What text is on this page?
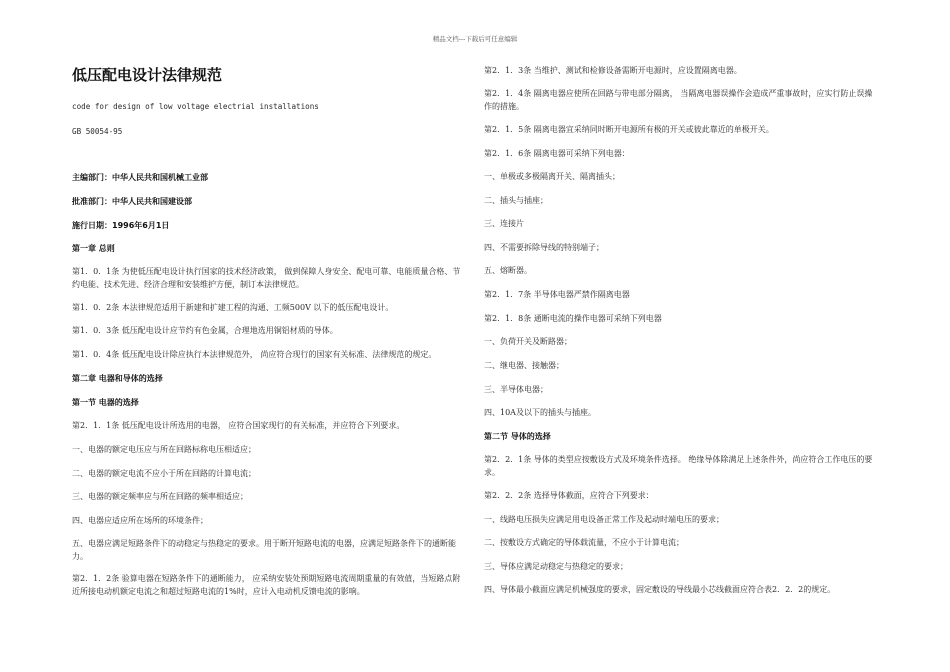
精品文档---下载后可任意编辑
低压配电设计法律规范

code for design of low voltage electrial installations

GB 50054-95

主编部门：中华人民共和国机械工业部

批准部门：中华人民共和国建设部

施行日期：1996年6月1日

第一章 总则

第1．0．1条 为使低压配电设计执行国家的技术经济政策， 做到保障人身安全、配电可靠、电能质量合格、节约电能、技术先进、经济合理和安装维护方便，制订本法律规范。

第1．0．2条 本法律规范适用于新建和扩建工程的沟通、工频500V 以下的低压配电设计。

第1．0．3条 低压配电设计应节约有色金属，合理地选用铜铝材质的导体。

第1．0．4条 低压配电设计除应执行本法律规范外， 尚应符合现行的国家有关标准、法律规范的规定。

第二章 电器和导体的选择

第一节 电器的选择

第2．1．1条 低压配电设计所选用的电器， 应符合国家现行的有关标准，并应符合下列要求。

一、电器的额定电压应与所在回路标称电压相适应；

二、电器的额定电流不应小于所在回路的计算电流；

三、电器的额定频率应与所在回路的频率相适应；

四、电器应适应所在场所的环境条件；

五、电器应满足短路条件下的动稳定与热稳定的要求。用于断开短路电流的电器，应满足短路条件下的通断能力。

第2．1．2条 验算电器在短路条件下的通断能力， 应采纳安装处预期短路电流周期重量的有效值，当短路点附近所接电动机额定电流之和超过短路电流的1%时，应计入电动机反馈电流的影响。

第2．1．3条 当维护、测试和检修设备需断开电源时，应设置隔离电器。

第2．1．4条 隔离电器应使所在回路与带电部分隔离， 当隔离电器误操作会造成严重事故时，应实行防止误操作的措施。

第2．1．5条 隔离电器宜采纳同时断开电源所有极的开关或彼此靠近的单极开关。

第2．1．6条 隔离电器可采纳下列电器：

一、单极或多极隔离开关、隔离插头；

二、插头与插座；

三、连接片

四、不需要拆除导线的特别端子；

五、熔断器。

第2．1．7条 半导体电器严禁作隔离电器

第2．1．8条 通断电流的操作电器可采纳下列电器

一、负荷开关及断路器；

二、继电器、接触器；

三、半导体电器；

四、10A及以下的插头与插座。

第二节 导体的选择

第2．2．1条 导体的类型应按敷设方式及环境条件选择。 绝缘导体除满足上述条件外，尚应符合工作电压的要求。

第2．2．2条 选择导体截面，应符合下列要求：

一、线路电压损失应满足用电设备正常工作及起动时端电压的要求；

二、按敷设方式确定的导体载流量，不应小于计算电流；

三、导体应满足动稳定与热稳定的要求；

四、导体最小截面应满足机械强度的要求，固定敷设的导线最小芯线截面应符合表2．2．2的规定。
